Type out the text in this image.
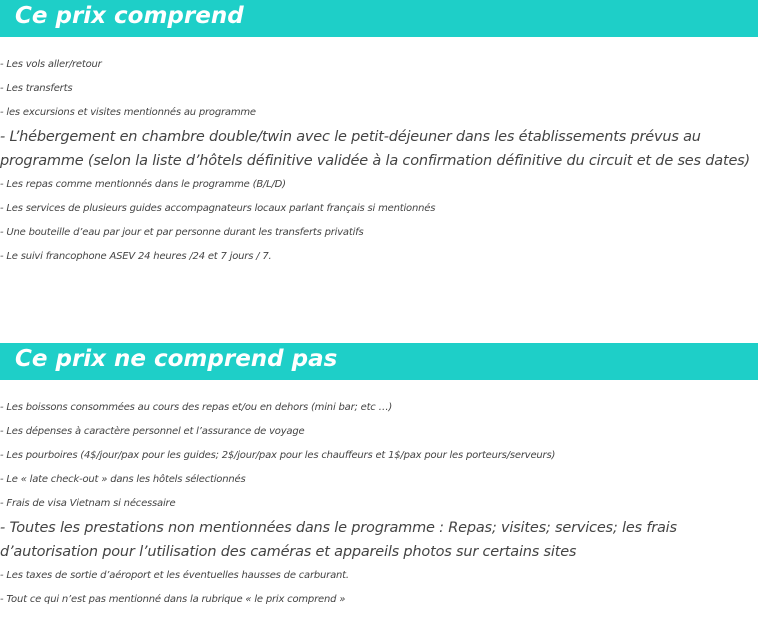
Ce prix comprend
- Les vols aller/retour
- Les transferts
- les excursions et visites mentionnés au programme
- L’hébergement en chambre double/twin avec le petit-déjeuner dans les établissements prévus au programme (selon la liste d’hôtels définitive validée à la confirmation définitive du circuit et de ses dates)
- Les repas comme mentionnés dans le programme (B/L/D)
- Les services de plusieurs guides accompagnateurs locaux parlant français si mentionnés
- Une bouteille d’eau par jour et par personne durant les transferts privatifs
- Le suivi francophone ASEV 24 heures /24 et 7 jours / 7.
Ce prix ne comprend pas
- Les boissons consommées au cours des repas et/ou en dehors (mini bar; etc …)
- Les dépenses à caractère personnel et l’assurance de voyage
- Les pourboires (4$/jour/pax pour les guides; 2$/jour/pax pour les chauffeurs et 1$/pax pour les porteurs/serveurs)
- Le « late check-out » dans les hôtels sélectionnés
- Frais de visa Vietnam si nécessaire
- Toutes les prestations non mentionnées dans le programme : Repas; visites; services; les frais d’autorisation pour l’utilisation des caméras et appareils photos sur certains sites
- Les taxes de sortie d’aéroport et les éventuelles hausses de carburant.
- Tout ce qui n’est pas mentionné dans la rubrique « le prix comprend »
